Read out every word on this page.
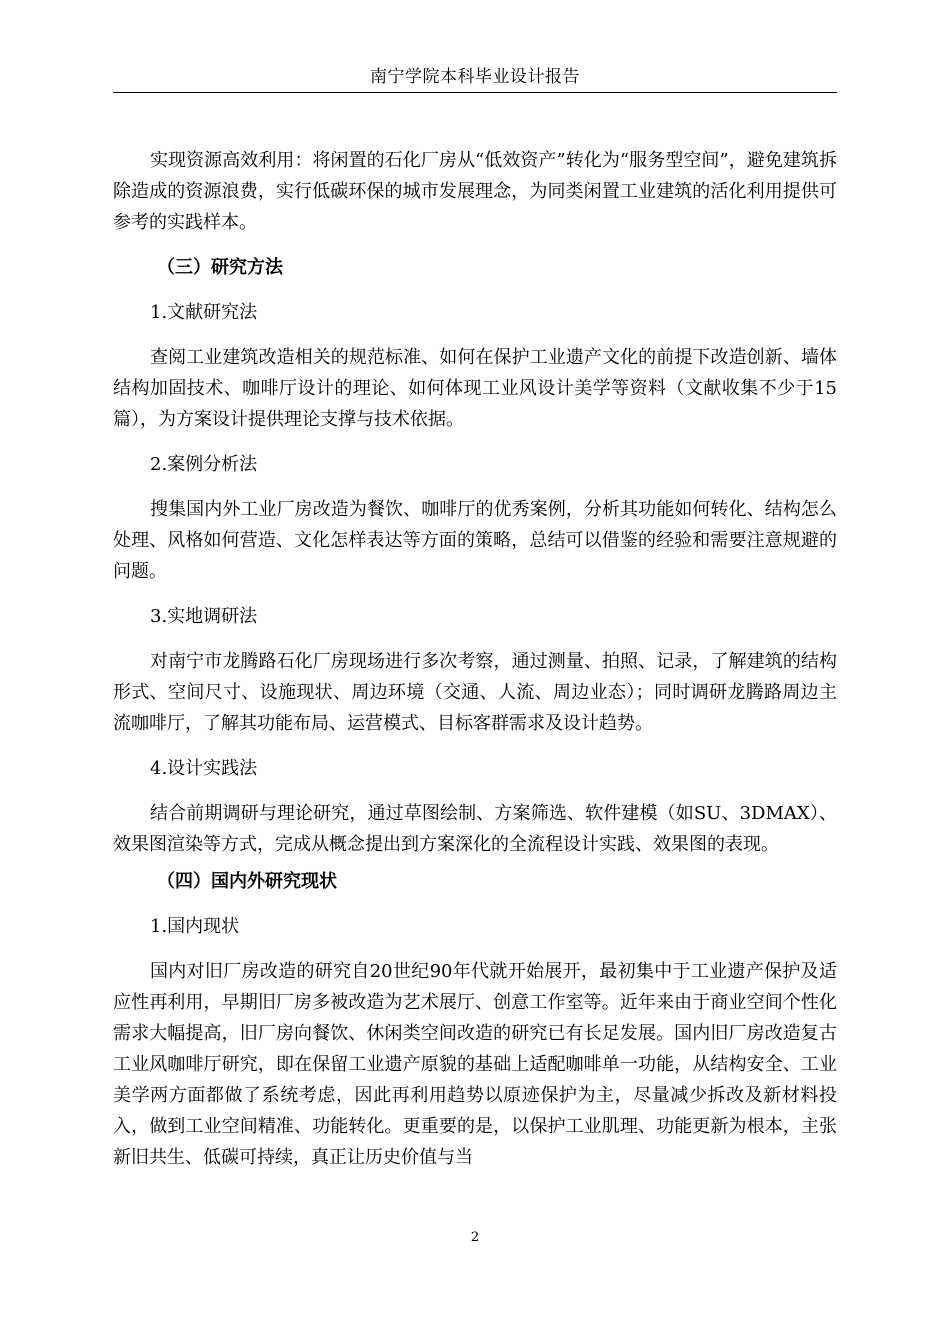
南宁学院本科毕业设计报告

实现资源高效利用：将闲置的石化厂房从“低效资产”转化为“服务型空间”，避免建筑拆除造成的资源浪费，实行低碳环保的城市发展理念，为同类闲置工业建筑的活化利用提供可参考的实践样本。

（三）研究方法

1.文献研究法

查阅工业建筑改造相关的规范标准、如何在保护工业遗产文化的前提下改造创新、墙体结构加固技术、咖啡厅设计的理论、如何体现工业风设计美学等资料（文献收集不少于15篇），为方案设计提供理论支撑与技术依据。

2.案例分析法

搜集国内外工业厂房改造为餐饮、咖啡厅的优秀案例，分析其功能如何转化、结构怎么处理、风格如何营造、文化怎样表达等方面的策略，总结可以借鉴的经验和需要注意规避的问题。

3.实地调研法

对南宁市龙腾路石化厂房现场进行多次考察，通过测量、拍照、记录，了解建筑的结构形式、空间尺寸、设施现状、周边环境（交通、人流、周边业态）；同时调研龙腾路周边主流咖啡厅，了解其功能布局、运营模式、目标客群需求及设计趋势。

4.设计实践法

结合前期调研与理论研究，通过草图绘制、方案筛选、软件建模（如SU、3DMAX）、效果图渲染等方式，完成从概念提出到方案深化的全流程设计实践、效果图的表现。

（四）国内外研究现状

1.国内现状

国内对旧厂房改造的研究自20世纪90年代就开始展开，最初集中于工业遗产保护及适应性再利用，早期旧厂房多被改造为艺术展厅、创意工作室等。近年来由于商业空间个性化需求大幅提高，旧厂房向餐饮、休闲类空间改造的研究已有长足发展。国内旧厂房改造复古工业风咖啡厅研究，即在保留工业遗产原貌的基础上适配咖啡单一功能，从结构安全、工业美学两方面都做了系统考虑，因此再利用趋势以原迹保护为主，尽量减少拆改及新材料投入，做到工业空间精准、功能转化。更重要的是，以保护工业肌理、功能更新为根本，主张新旧共生、低碳可持续，真正让历史价值与当

2
